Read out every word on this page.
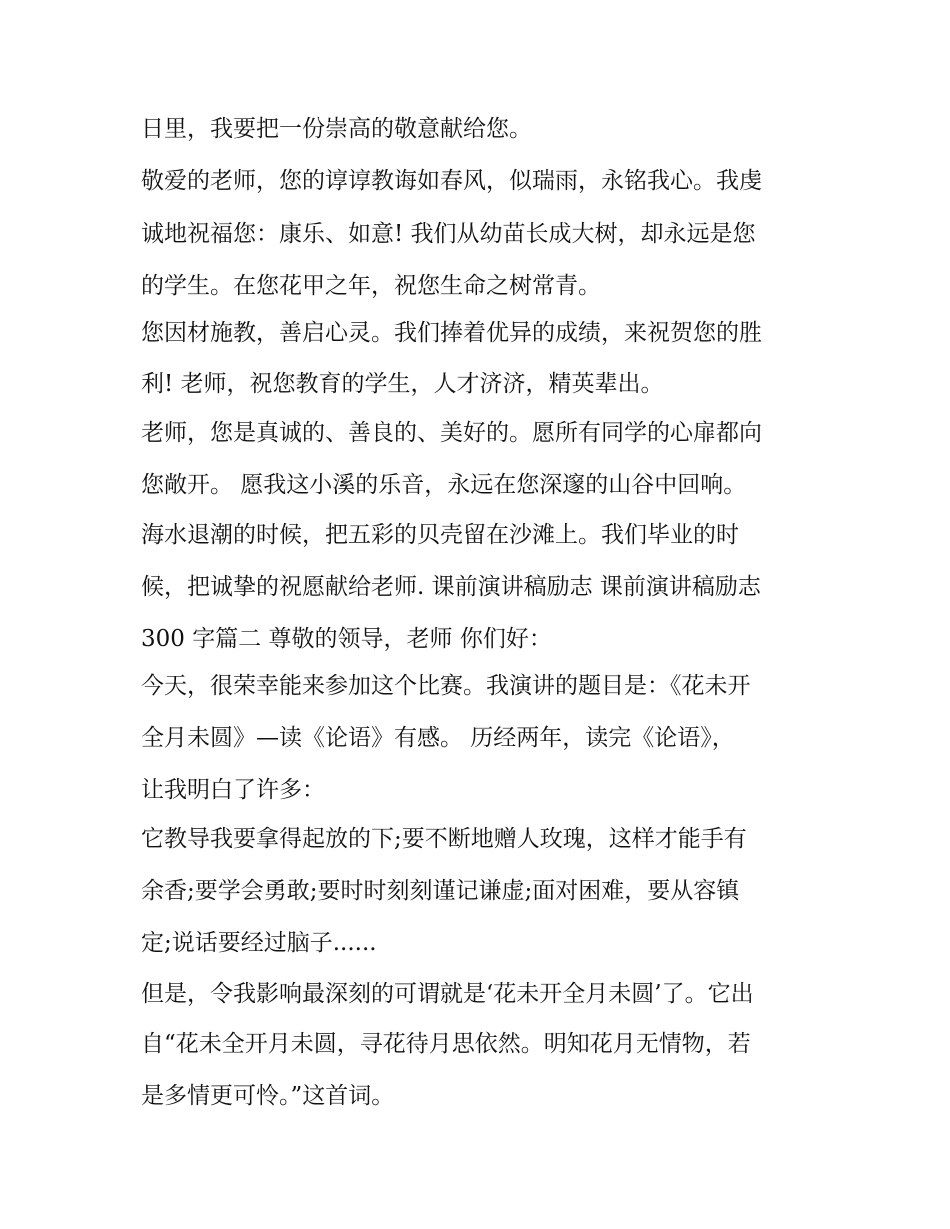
日里，我要把一份崇高的敬意献给您。
敬爱的老师，您的谆谆教诲如春风，似瑞雨，永铭我心。我虔
诚地祝福您：康乐、如意! 我们从幼苗长成大树，却永远是您
的学生。在您花甲之年，祝您生命之树常青。
您因材施教，善启心灵。我们捧着优异的成绩，来祝贺您的胜
利! 老师，祝您教育的学生，人才济济，精英辈出。
老师，您是真诚的、善良的、美好的。愿所有同学的心扉都向
您敞开。 愿我这小溪的乐音，永远在您深邃的山谷中回响。
海水退潮的时候，把五彩的贝壳留在沙滩上。我们毕业的时
候，把诚挚的祝愿献给老师. 课前演讲稿励志 课前演讲稿励志
300 字篇二 尊敬的领导，老师 你们好：
今天，很荣幸能来参加这个比赛。我演讲的题目是：《花未开
全月未圆》—读《论语》有感。 历经两年，读完《论语》，
让我明白了许多：
它教导我要拿得起放的下;要不断地赠人玫瑰，这样才能手有
余香;要学会勇敢;要时时刻刻谨记谦虚;面对困难，要从容镇
定;说话要经过脑子......
但是，令我影响最深刻的可谓就是‘花未开全月未圆’了。它出
自“花未全开月未圆，寻花待月思依然。明知花月无情物，若
是多情更可怜。”这首词。
